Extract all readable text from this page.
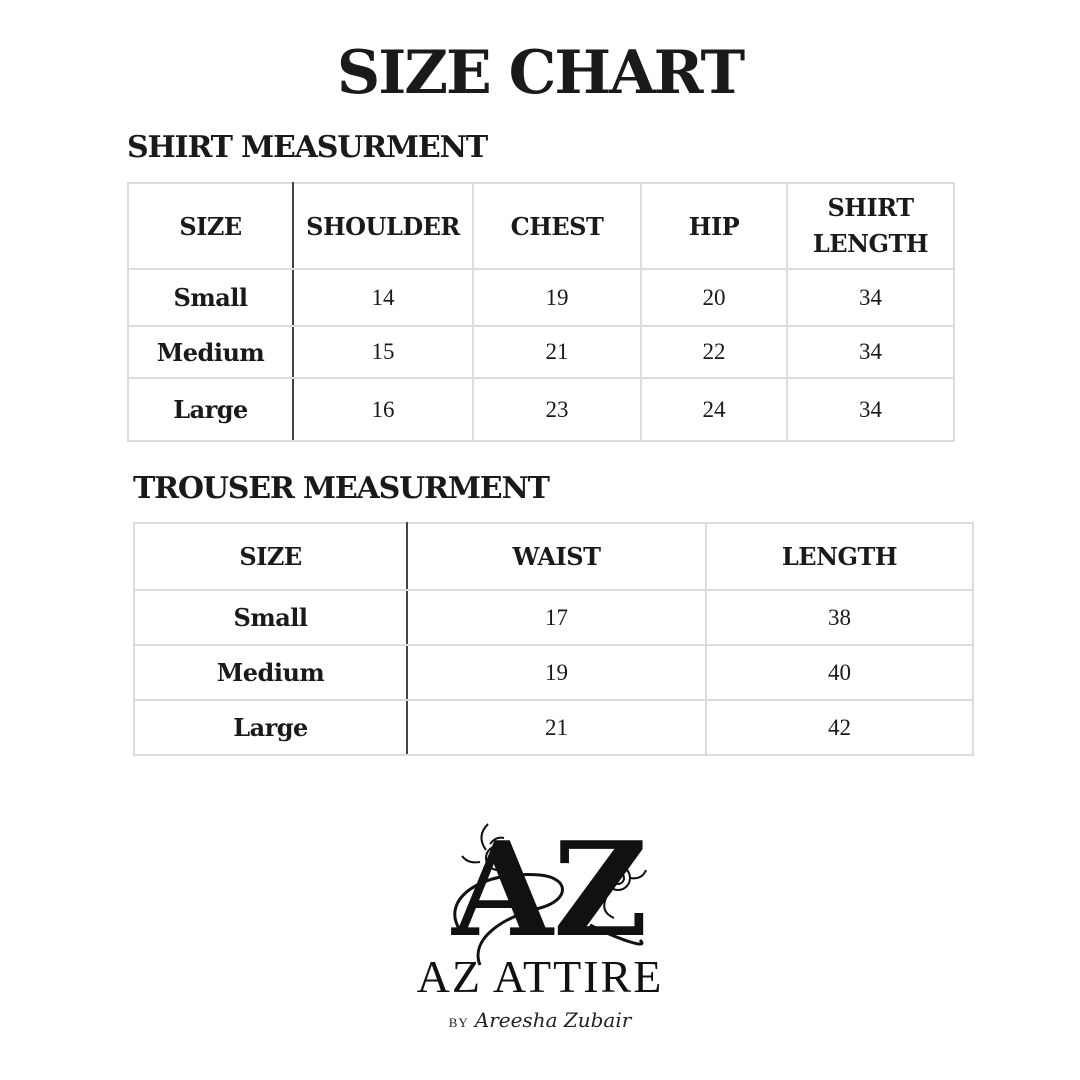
SIZE CHART
SHIRT MEASURMENT
SIZE	SHOULDER	CHEST	HIP	SHIRT LENGTH
Small	14	19	20	34
Medium	15	21	22	34
Large	16	23	24	34
TROUSER MEASURMENT
SIZE	WAIST	LENGTH
Small	17	38
Medium	19	40
Large	21	42
AZ
AZ ATTIRE
BY Areesha Zubair
